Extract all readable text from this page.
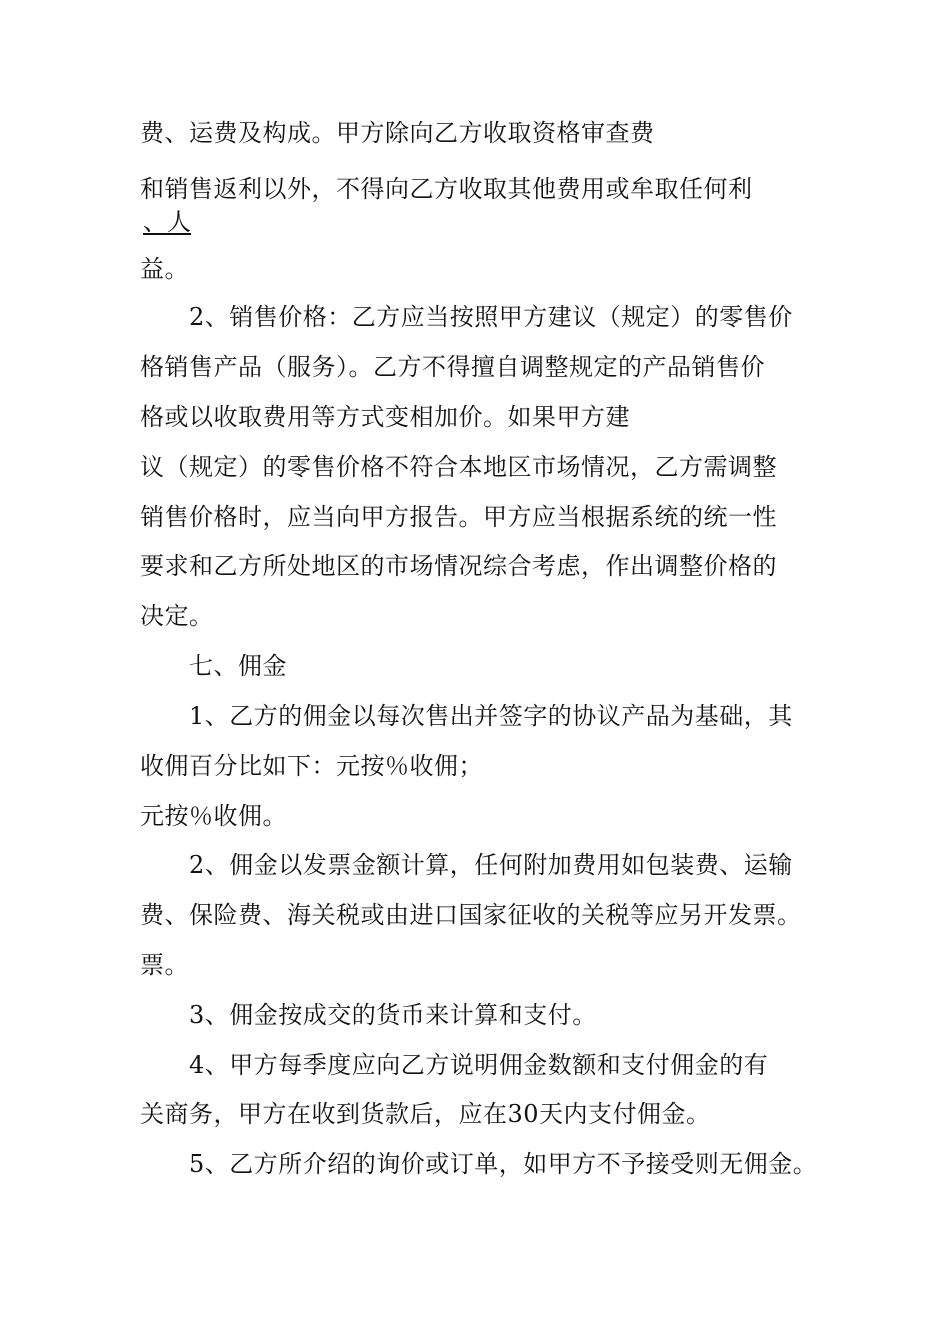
费、运费及构成。甲方除向乙方收取资格审查费
和销售返利以外，不得向乙方收取其他费用或牟取任何利
、人
益。
2、销售价格：乙方应当按照甲方建议（规定）的零售价
格销售产品（服务）。乙方不得擅自调整规定的产品销售价
格或以收取费用等方式变相加价。如果甲方建
议（规定）的零售价格不符合本地区市场情况，乙方需调整
销售价格时，应当向甲方报告。甲方应当根据系统的统一性
要求和乙方所处地区的市场情况综合考虑，作出调整价格的
决定。
七、佣金
1、乙方的佣金以每次售出并签字的协议产品为基础，其
收佣百分比如下：元按％收佣；
元按％收佣。
2、佣金以发票金额计算，任何附加费用如包装费、运输
费、保险费、海关税或由进口国家征收的关税等应另开发票。
票。
3、佣金按成交的货币来计算和支付。
4、甲方每季度应向乙方说明佣金数额和支付佣金的有
关商务，甲方在收到货款后，应在30天内支付佣金。
5、乙方所介绍的询价或订单，如甲方不予接受则无佣金。
